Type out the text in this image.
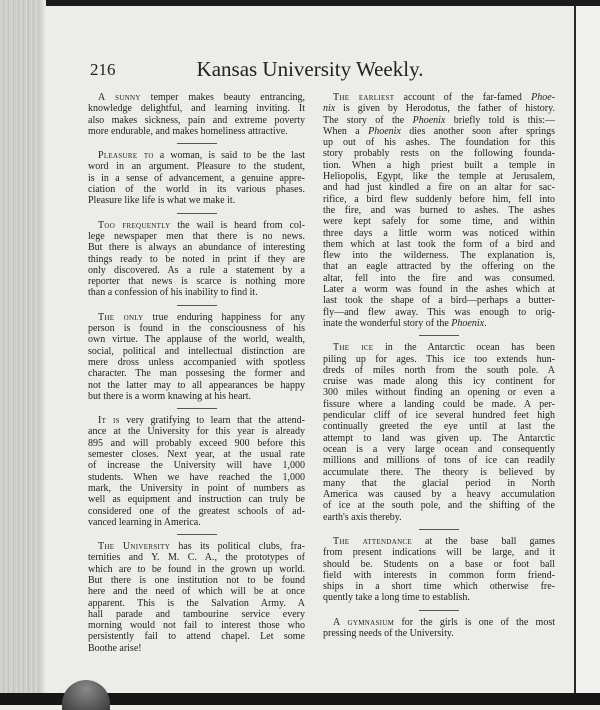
216	Kansas University Weekly.
A sunny temper makes beauty entrancing,
knowledge delightful, and learning inviting. It
also makes sickness, pain and extreme poverty
more endurable, and makes homeliness attractive.
Pleasure to a woman, is said to be the last
word in an argument. Pleasure to the student,
is in a sense of advancement, a genuine appre-
ciation of the world in its various phases.
Pleasure like life is what we make it.
Too frequently the wail is heard from col-
lege newspaper men that there is no news.
But there is always an abundance of interesting
things ready to be noted in print if they are
only discovered. As a rule a statement by a
reporter that news is scarce is nothing more
than a confession of his inability to find it.
The only true enduring happiness for any
person is found in the consciousness of his
own virtue. The applause of the world, wealth,
social, political and intellectual distinction are
mere dross unless accompanied with spotless
character. The man possesing the former and
not the latter may to all appearances be happy
but there is a worm knawing at his heart.
It is very gratifying to learn that the attend-
ance at the University for this year is already
895 and will probably exceed 900 before this
semester closes. Next year, at the usual rate
of increase the University will have 1,000
students. When we have reached the 1,000
mark, the University in point of numbers as
well as equipment and instruction can truly be
considered one of the greatest schools of ad-
vanced learning in America.
The University has its political clubs, fra-
ternities and Y. M. C. A., the prototypes of
which are to be found in the grown up world.
But there is one institution not to be found
here and the need of which will be at once
apparent. This is the Salvation Army. A
hall parade and tambourine service every
morning would not fail to interest those who
persistently fail to attend chapel. Let some
Boothe arise!
The earliest account of the far-famed Phoe-
nix is given by Herodotus, the father of history.
The story of the Phoenix briefly told is this:—
When a Phoenix dies another soon after springs
up out of his ashes. The foundation for this
story probably rests on the following founda-
tion. When a high priest built a temple in
Heliopolis, Egypt, like the temple at Jerusalem,
and had just kindled a fire on an altar for sac-
rifice, a bird flew suddenly before him, fell into
the fire, and was burned to ashes. The ashes
were kept safely for some time, and within
three days a little worm was noticed within
them which at last took the form of a bird and
flew into the wilderness. The explanation is,
that an eagle attracted by the offering on the
altar, fell into the fire and was consumed.
Later a worm was found in the ashes which at
last took the shape of a bird—perhaps a butter-
fly—and flew away. This was enough to orig-
inate the wonderful story of the Phoenix.
The ice in the Antarctic ocean has been
piling up for ages. This ice too extends hun-
dreds of miles north from the south pole. A
cruise was made along this icy continent for
300 miles without finding an opening or even a
fissure where a landing could be made. A per-
pendicular cliff of ice several hundred feet high
continually greeted the eye until at last the
attempt to land was given up. The Antarctic
ocean is a very large ocean and consequently
millions and millions of tons of ice can readily
accumulate there. The theory is believed by
many that the glacial period in North
America was caused by a heavy accumulation
of ice at the south pole, and the shifting of the
earth's axis thereby.
The attendance at the base ball games
from present indications will be large, and it
should be. Students on a base or foot ball
field with interests in common form friend-
ships in a short time which otherwise fre-
quently take a long time to establish.
A gymnasium for the girls is one of the most
pressing needs of the University.
